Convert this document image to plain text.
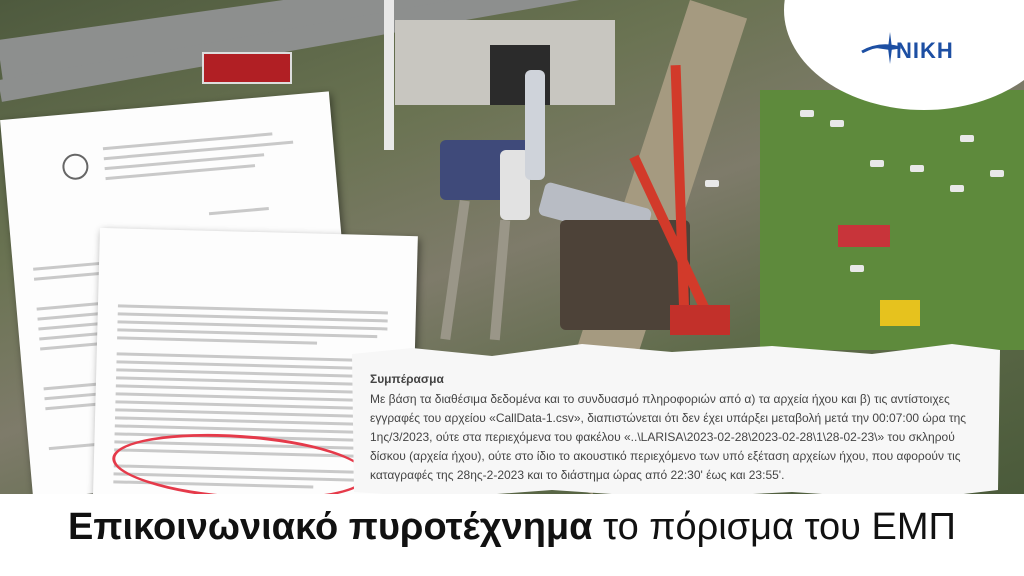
NIKH
Συμπέρασμα
Με βάση τα διαθέσιμα δεδομένα και το συνδυασμό πληροφοριών από α) τα αρχεία ήχου και β) τις αντίστοιχες εγγραφές του αρχείου «CallData-1.csv», διαπιστώνεται ότι δεν έχει υπάρξει μεταβολή μετά την 00:07:00 ώρα της 1ης/3/2023, ούτε στα περιεχόμενα του φακέλου «..\LARISA\2023-02-28\2023-02-28\1\28-02-23\» του σκληρού δίσκου (αρχεία ήχου), ούτε στο ίδιο το ακουστικό περιεχόμενο των υπό εξέταση αρχείων ήχου, που αφορούν τις καταγραφές της 28ης-2-2023 και το διάστημα ώρας από 22:30' έως και 23:55'.
Επικοινωνιακό πυροτέχνημα το πόρισμα του ΕΜΠ
